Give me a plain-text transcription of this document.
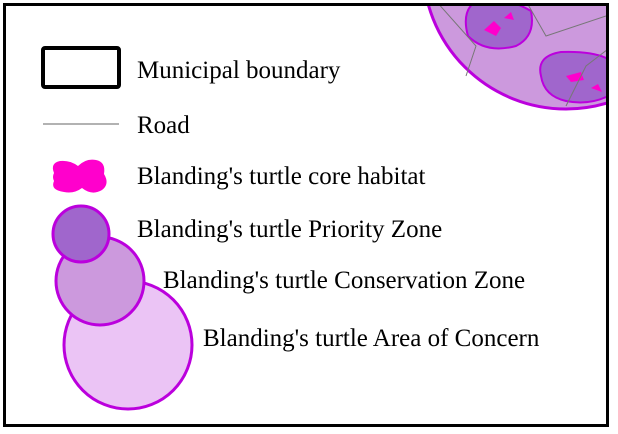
Municipal boundary
Road
Blanding's turtle core habitat
Blanding's turtle Priority Zone
Blanding's turtle Conservation Zone
Blanding's turtle Area of Concern
